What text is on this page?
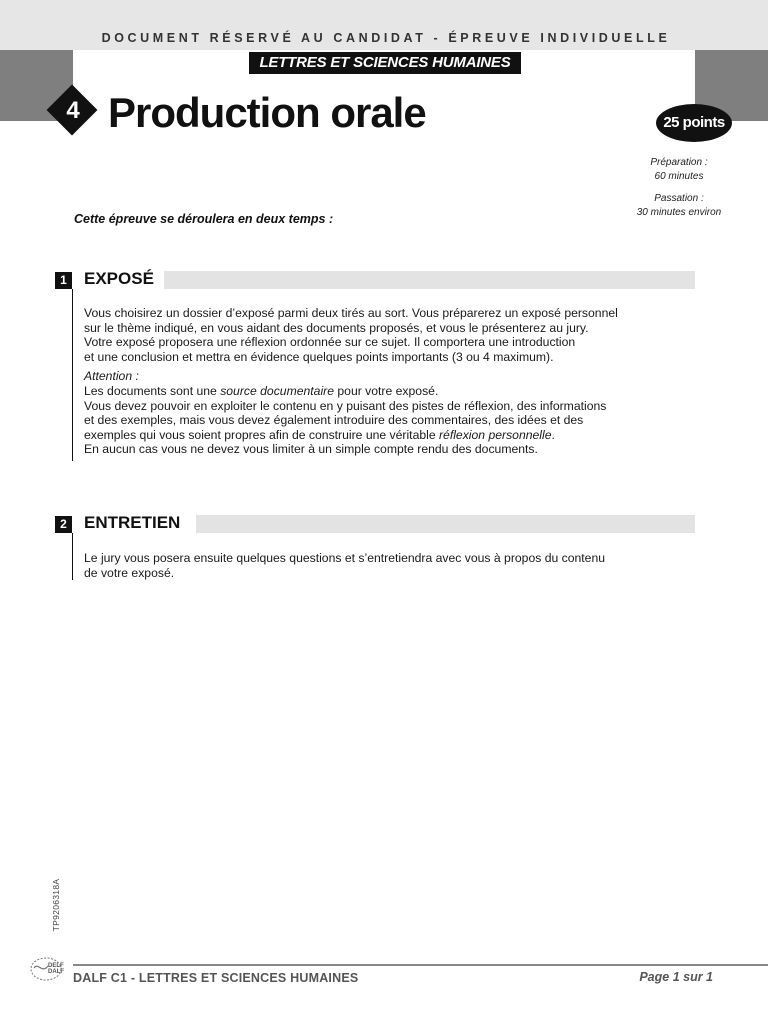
DOCUMENT RÉSERVÉ AU CANDIDAT - ÉPREUVE INDIVIDUELLE
LETTRES ET SCIENCES HUMAINES
4 Production orale	25 points
Préparation :
60 minutes
Passation :
30 minutes environ
Cette épreuve se déroulera en deux temps :
1	EXPOSÉ

Vous choisirez un dossier d’exposé parmi deux tirés au sort. Vous préparerez un exposé personnel

sur le thème indiqué, en vous aidant des documents proposés, et vous le présenterez au jury.

Votre exposé proposera une réflexion ordonnée sur ce sujet. Il comportera une introduction

et une conclusion et mettra en évidence quelques points importants (3 ou 4 maximum).

Attention :

Les documents sont une source documentaire pour votre exposé.

Vous devez pouvoir en exploiter le contenu en y puisant des pistes de réflexion, des informations

et des exemples, mais vous devez également introduire des commentaires, des idées et des

exemples qui vous soient propres afin de construire une véritable réflexion personnelle.

En aucun cas vous ne devez vous limiter à un simple compte rendu des documents.

2	ENTRETIEN

Le jury vous posera ensuite quelques questions et s’entretiendra avec vous à propos du contenu

de votre exposé.

TP9206318A
DELF
DALF DALF C1 - LETTRES ET SCIENCES HUMAINES	Page 1 sur 1
